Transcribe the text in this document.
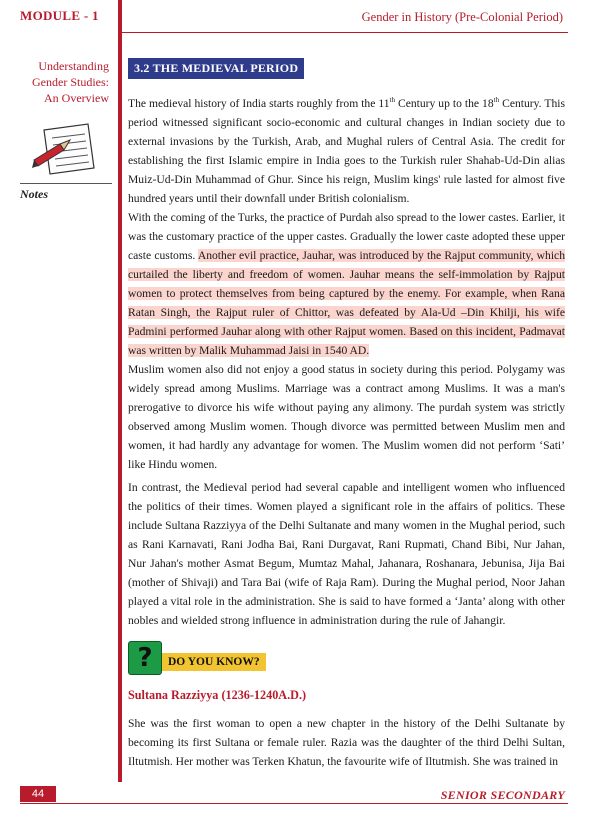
MODULE - 1	Gender in History (Pre-Colonial Period)
Understanding
Gender Studies:
An Overview
Notes
3.2 THE MEDIEVAL PERIOD

The medieval history of India starts roughly from the 11th Century up to the 18th Century. This period witnessed significant socio-economic and cultural changes in Indian society due to external invasions by the Turkish, Arab, and Mughal rulers of Central Asia. The credit for establishing the first Islamic empire in India goes to the Turkish ruler Shahab-Ud-Din alias Muiz-Ud-Din Muhammad of Ghur. Since his reign, Muslim kings' rule lasted for almost five hundred years until their downfall under British colonialism.

With the coming of the Turks, the practice of Purdah also spread to the lower castes. Earlier, it was the customary practice of the upper castes. Gradually the lower caste adopted these upper caste customs. Another evil practice, Jauhar, was introduced by the Rajput community, which curtailed the liberty and freedom of women. Jauhar means the self-immolation by Rajput women to protect themselves from being captured by the enemy. For example, when Rana Ratan Singh, the Rajput ruler of Chittor, was defeated by Ala-Ud –Din Khilji, his wife Padmini performed Jauhar along with other Rajput women. Based on this incident, Padmavat was written by Malik Muhammad Jaisi in 1540 AD.

Muslim women also did not enjoy a good status in society during this period. Polygamy was widely spread among Muslims. Marriage was a contract among Muslims. It was a man's prerogative to divorce his wife without paying any alimony. The purdah system was strictly observed among Muslim women. Though divorce was permitted between Muslim men and women, it had hardly any advantage for women. The Muslim women did not perform ‘Sati’ like Hindu women.

In contrast, the Medieval period had several capable and intelligent women who influenced the politics of their times. Women played a significant role in the affairs of politics. These include Sultana Razziyya of the Delhi Sultanate and many women in the Mughal period, such as Rani Karnavati, Rani Jodha Bai, Rani Durgavat, Rani Rupmati, Chand Bibi, Nur Jahan, Nur Jahan's mother Asmat Begum, Mumtaz Mahal, Jahanara, Roshanara, Jebunisa, Jija Bai (mother of Shivaji) and Tara Bai (wife of Raja Ram). During the Mughal period, Noor Jahan played a vital role in the administration. She is said to have formed a ‘Janta’ along with other nobles and wielded strong influence in administration during the rule of Jahangir.

?	DO YOU KNOW?
Sultana Razziyya (1236-1240A.D.)

She was the first woman to open a new chapter in the history of the Delhi Sultanate by becoming its first Sultana or female ruler. Razia was the daughter of the third Delhi Sultan, Iltutmish. Her mother was Terken Khatun, the favourite wife of Iltutmish. She was trained in

44	SENIOR SECONDARY
